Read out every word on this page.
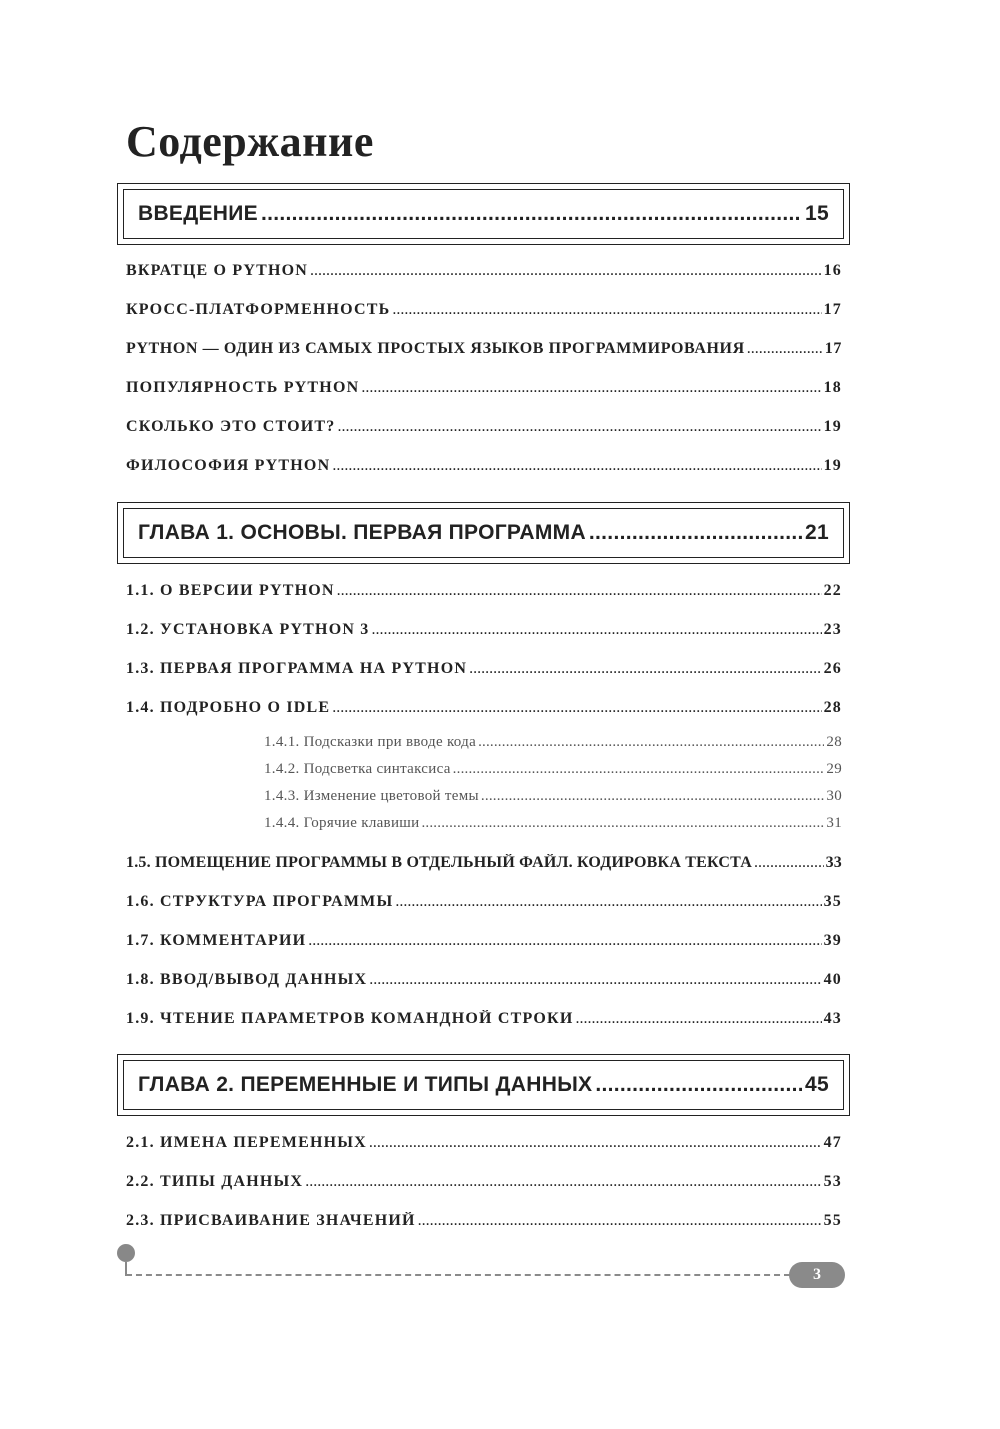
Содержание
ВВЕДЕНИЕ .....	15
ВКРАТЦЕ О PYTHON .....	16
КРОСС-ПЛАТФОРМЕННОСТЬ .....	17
PYTHON — ОДИН ИЗ САМЫХ ПРОСТЫХ ЯЗЫКОВ ПРОГРАММИРОВАНИЯ .....	17
ПОПУЛЯРНОСТЬ PYTHON .....	18
СКОЛЬКО ЭТО СТОИТ? .....	19
ФИЛОСОФИЯ PYTHON .....	19
ГЛАВА 1. ОСНОВЫ. ПЕРВАЯ ПРОГРАММА .....	21
1.1. О ВЕРСИИ PYTHON .....	22
1.2. УСТАНОВКА PYTHON 3 .....	23
1.3. ПЕРВАЯ ПРОГРАММА НА PYTHON .....	26
1.4. ПОДРОБНО О IDLE .....	28
1.4.1. Подсказки при вводе кода .....	28
1.4.2. Подсветка синтаксиса .....	29
1.4.3. Изменение цветовой темы .....	30
1.4.4. Горячие клавиши .....	31
1.5. ПОМЕЩЕНИЕ ПРОГРАММЫ В ОТДЕЛЬНЫЙ ФАЙЛ. КОДИРОВКА ТЕКСТА .....	33
1.6. СТРУКТУРА ПРОГРАММЫ .....	35
1.7. КОММЕНТАРИИ .....	39
1.8. ВВОД/ВЫВОД ДАННЫХ .....	40
1.9. ЧТЕНИЕ ПАРАМЕТРОВ КОМАНДНОЙ СТРОКИ .....	43
ГЛАВА 2. ПЕРЕМЕННЫЕ И ТИПЫ ДАННЫХ .....	45
2.1. ИМЕНА ПЕРЕМЕННЫХ .....	47
2.2. ТИПЫ ДАННЫХ .....	53
2.3. ПРИСВАИВАНИЕ ЗНАЧЕНИЙ .....	55
3
